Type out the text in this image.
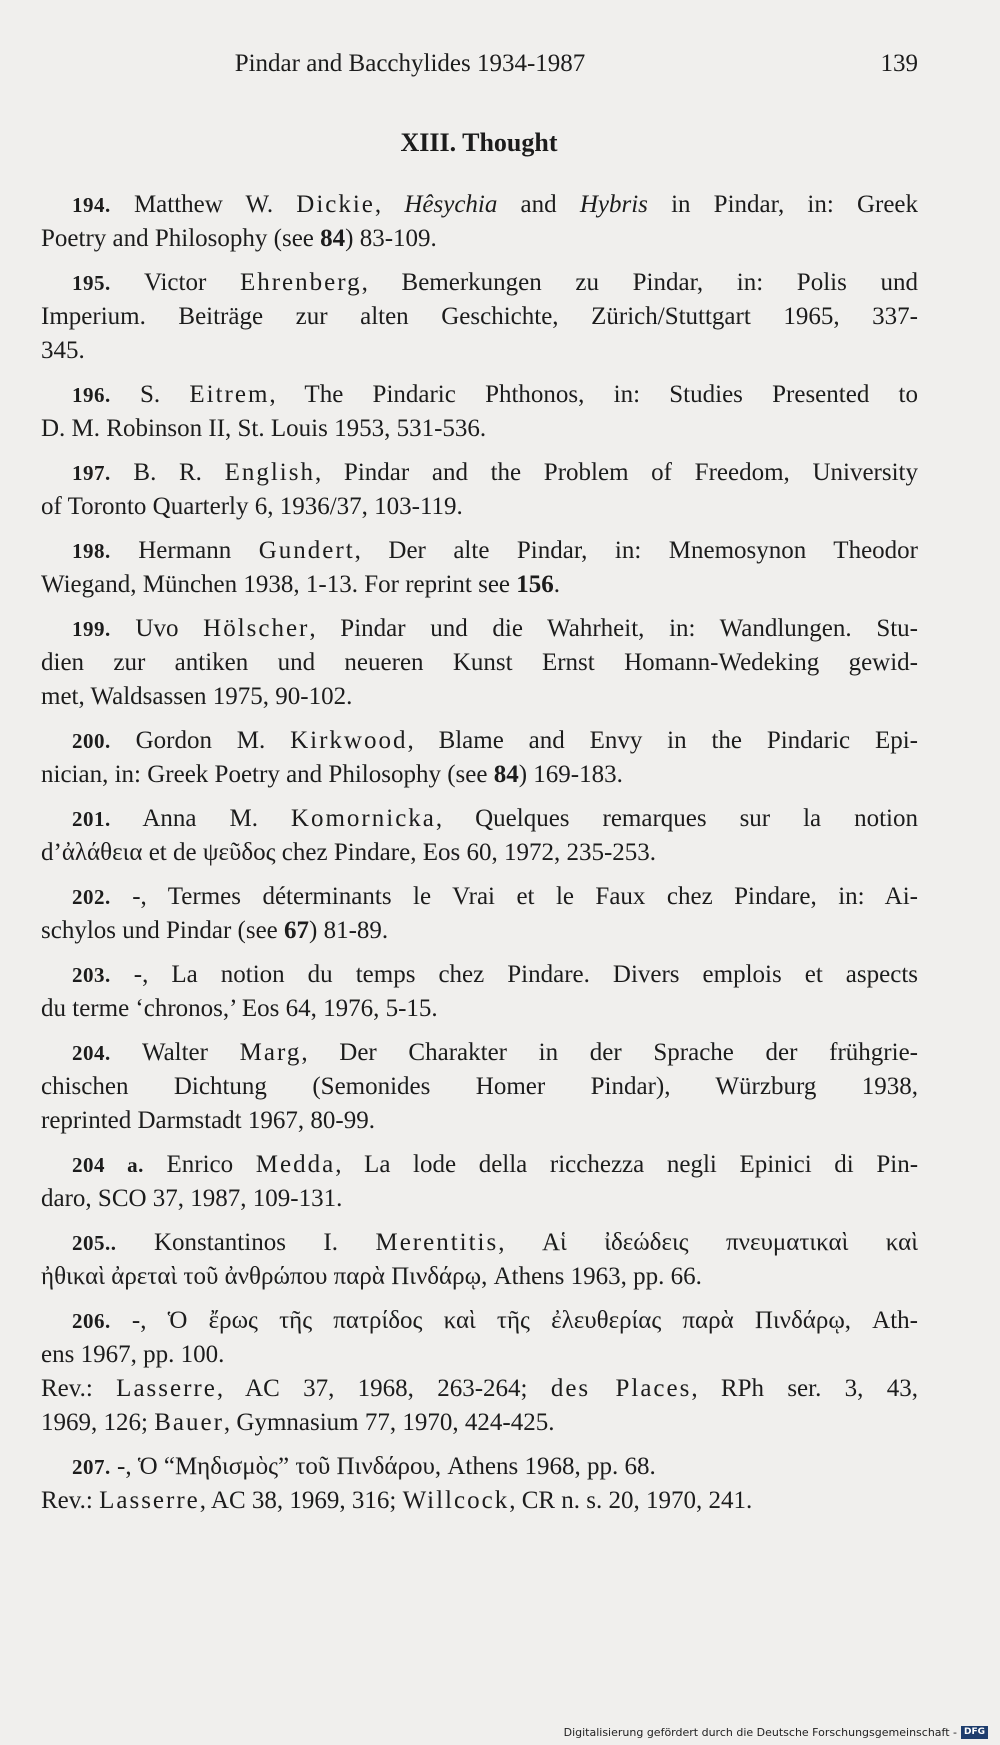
Pindar and Bacchylides 1934-1987	139
XIII. Thought
194. Matthew W. Dickie, Hêsychia and Hybris in Pindar, in: Greek
Poetry and Philosophy (see 84) 83-109.
195. Victor Ehrenberg, Bemerkungen zu Pindar, in: Polis und
Imperium. Beiträge zur alten Geschichte, Zürich/Stuttgart 1965, 337-
345.
196. S. Eitrem, The Pindaric Phthonos, in: Studies Presented to
D. M. Robinson II, St. Louis 1953, 531-536.
197. B. R. English, Pindar and the Problem of Freedom, University
of Toronto Quarterly 6, 1936/37, 103-119.
198. Hermann Gundert, Der alte Pindar, in: Mnemosynon Theodor
Wiegand, München 1938, 1-13. For reprint see 156.
199. Uvo Hölscher, Pindar und die Wahrheit, in: Wandlungen. Stu-
dien zur antiken und neueren Kunst Ernst Homann-Wedeking gewid-
met, Waldsassen 1975, 90-102.
200. Gordon M. Kirkwood, Blame and Envy in the Pindaric Epi-
nician, in: Greek Poetry and Philosophy (see 84) 169-183.
201. Anna M. Komornicka, Quelques remarques sur la notion
d’ἀλάθεια et de ψεῦδος chez Pindare, Eos 60, 1972, 235-253.
202. -, Termes déterminants le Vrai et le Faux chez Pindare, in: Ai-
schylos und Pindar (see 67) 81-89.
203. -, La notion du temps chez Pindare. Divers emplois et aspects
du terme ‘chronos,’ Eos 64, 1976, 5-15.
204. Walter Marg, Der Charakter in der Sprache der frühgrie-
chischen Dichtung (Semonides Homer Pindar), Würzburg 1938,
reprinted Darmstadt 1967, 80-99.
204 a. Enrico Medda, La lode della ricchezza negli Epinici di Pin-
daro, SCO 37, 1987, 109-131.
205.. Konstantinos I. Merentitis, Αἱ ἰδεώδεις πνευματικαὶ καὶ
ἠθικαὶ ἀρεταὶ τοῦ ἀνθρώπου παρὰ Πινδάρῳ, Athens 1963, pp. 66.
206. -, Ὁ ἔρως τῆς πατρίδος καὶ τῆς ἐλευθερίας παρὰ Πινδάρῳ, Ath-
ens 1967, pp. 100.
Rev.: Lasserre, AC 37, 1968, 263-264; des Places, RPh ser. 3, 43,
1969, 126; Bauer, Gymnasium 77, 1970, 424-425.
207. -, Ὁ “Μηδισμὸς” τοῦ Πινδάρου, Athens 1968, pp. 68.
Rev.: Lasserre, AC 38, 1969, 316; Willcock, CR n. s. 20, 1970, 241.
Digitalisierung gefördert durch die Deutsche Forschungsgemeinschaft - DFG
